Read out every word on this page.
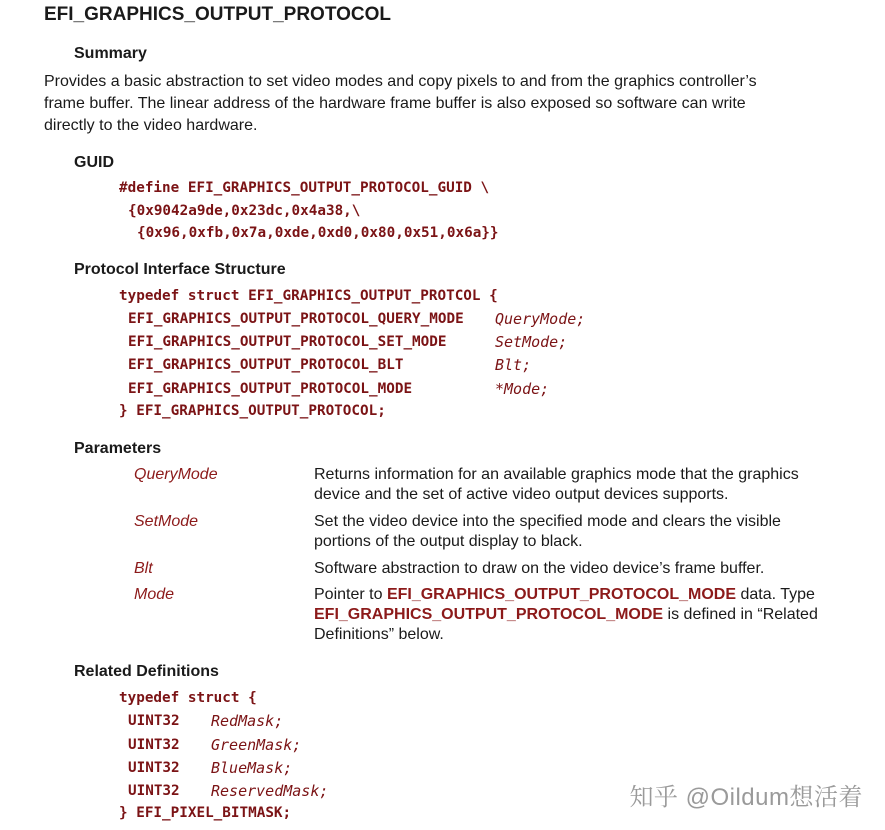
EFI_GRAPHICS_OUTPUT_PROTOCOL
Summary
Provides a basic abstraction to set video modes and copy pixels to and from the graphics controller’s
frame buffer. The linear address of the hardware frame buffer is also exposed so software can write
directly to the video hardware.
GUID
#define EFI_GRAPHICS_OUTPUT_PROTOCOL_GUID \
{0x9042a9de,0x23dc,0x4a38,\
{0x96,0xfb,0x7a,0xde,0xd0,0x80,0x51,0x6a}}
Protocol Interface Structure
typedef struct EFI_GRAPHICS_OUTPUT_PROTCOL {
EFI_GRAPHICS_OUTPUT_PROTOCOL_QUERY_MODE QueryMode;
EFI_GRAPHICS_OUTPUT_PROTOCOL_SET_MODE	SetMode;
EFI_GRAPHICS_OUTPUT_PROTOCOL_BLT	Blt;
EFI_GRAPHICS_OUTPUT_PROTOCOL_MODE	*Mode;
} EFI_GRAPHICS_OUTPUT_PROTOCOL;
Parameters
QueryMode	Returns information for an available graphics mode that the graphics
device and the set of active video output devices supports.
SetMode	Set the video device into the specified mode and clears the visible
portions of the output display to black.
Blt	Software abstraction to draw on the video device’s frame buffer.
Mode	Pointer to EFI_GRAPHICS_OUTPUT_PROTOCOL_MODE data. Type
EFI_GRAPHICS_OUTPUT_PROTOCOL_MODE is defined in “Related
Definitions” below.
Related Definitions
typedef struct {
UINT32 RedMask;
UINT32 GreenMask;
UINT32 BlueMask;
UINT32 ReservedMask;
} EFI_PIXEL_BITMASK;
知乎 @Oildum想活着
